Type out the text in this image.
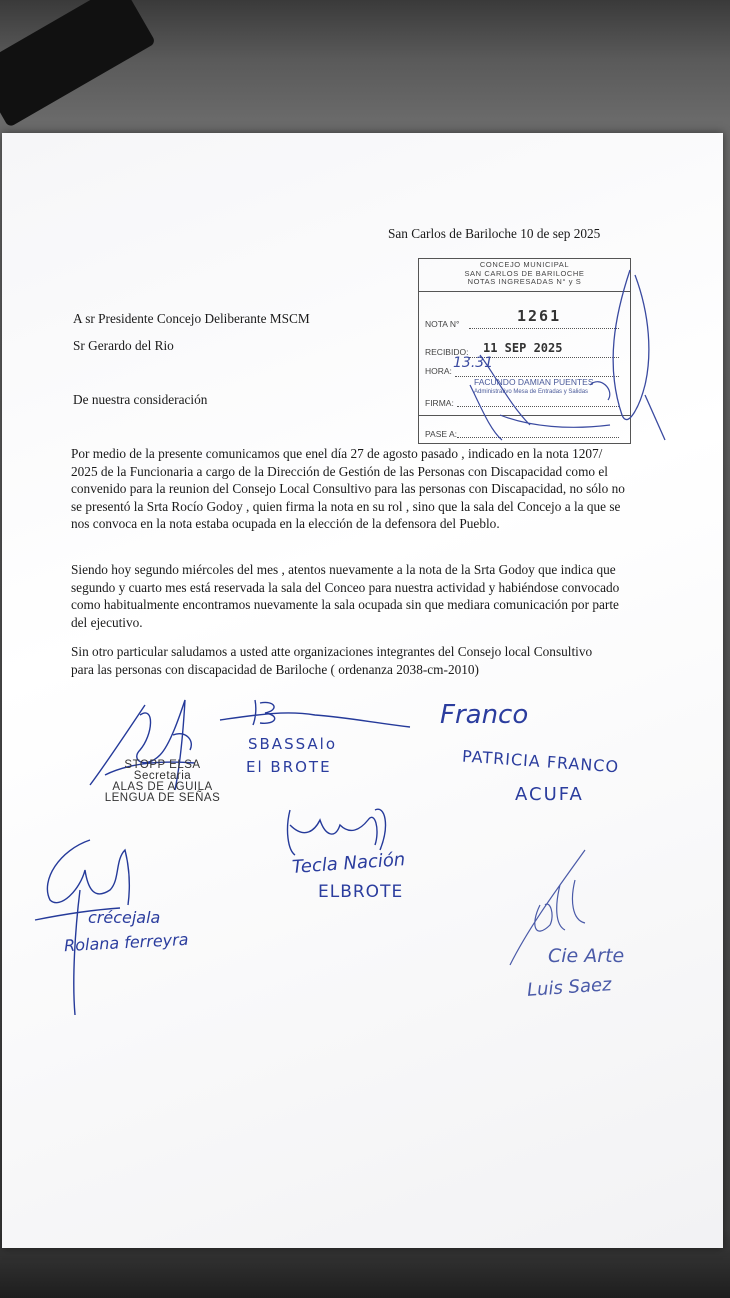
San Carlos de Bariloche 10 de sep 2025
A sr Presidente Concejo Deliberante MSCM
Sr Gerardo del Rio
De nuestra consideración
Por medio de la presente comunicamos que enel día 27 de agosto pasado , indicado en la nota 1207/ 2025 de la Funcionaria a cargo de la Dirección de Gestión de las Personas con Discapacidad como el convenido para la reunion del Consejo Local Consultivo para las personas con Discapacidad, no sólo no se presentó la Srta Rocío Godoy , quien firma la nota en su rol , sino que la sala del Concejo a la que se nos convoca en la nota estaba ocupada en la elección de la defensora del Pueblo.
Siendo hoy segundo miércoles del mes , atentos nuevamente a la nota de la Srta Godoy que indica que segundo y cuarto mes está reservada la sala del Conceo para nuestra actividad y habiéndose convocado como habitualmente encontramos nuevamente la sala ocupada sin que mediara comunicación por parte del ejecutivo.
Sin otro particular saludamos a usted atte organizaciones integrantes del Consejo local Consultivo para las personas con discapacidad de Bariloche ( ordenanza 2038-cm-2010)
CONCEJO MUNICIPAL
SAN CARLOS DE BARILOCHE
NOTAS INGRESADAS N° y S
NOTA N°	1261
RECIBIDO: 11 SEP 2025
HORA: 13.31
FIRMA:
FACUNDO DAMIAN PUENTES
Administrativo Mesa de Entradas y Salidas
PASE A:
STOPP ELSA
Secretaria
ALAS DE AGUILA
LENGUA DE SEÑAS
SBASSAlo
El BROTE
Franco
PATRICIA FRANCO
ACUFA
Tecla Nación
ELBROTE
crécejala
Rolana ferreyra
Cie Arte
Luis Saez
